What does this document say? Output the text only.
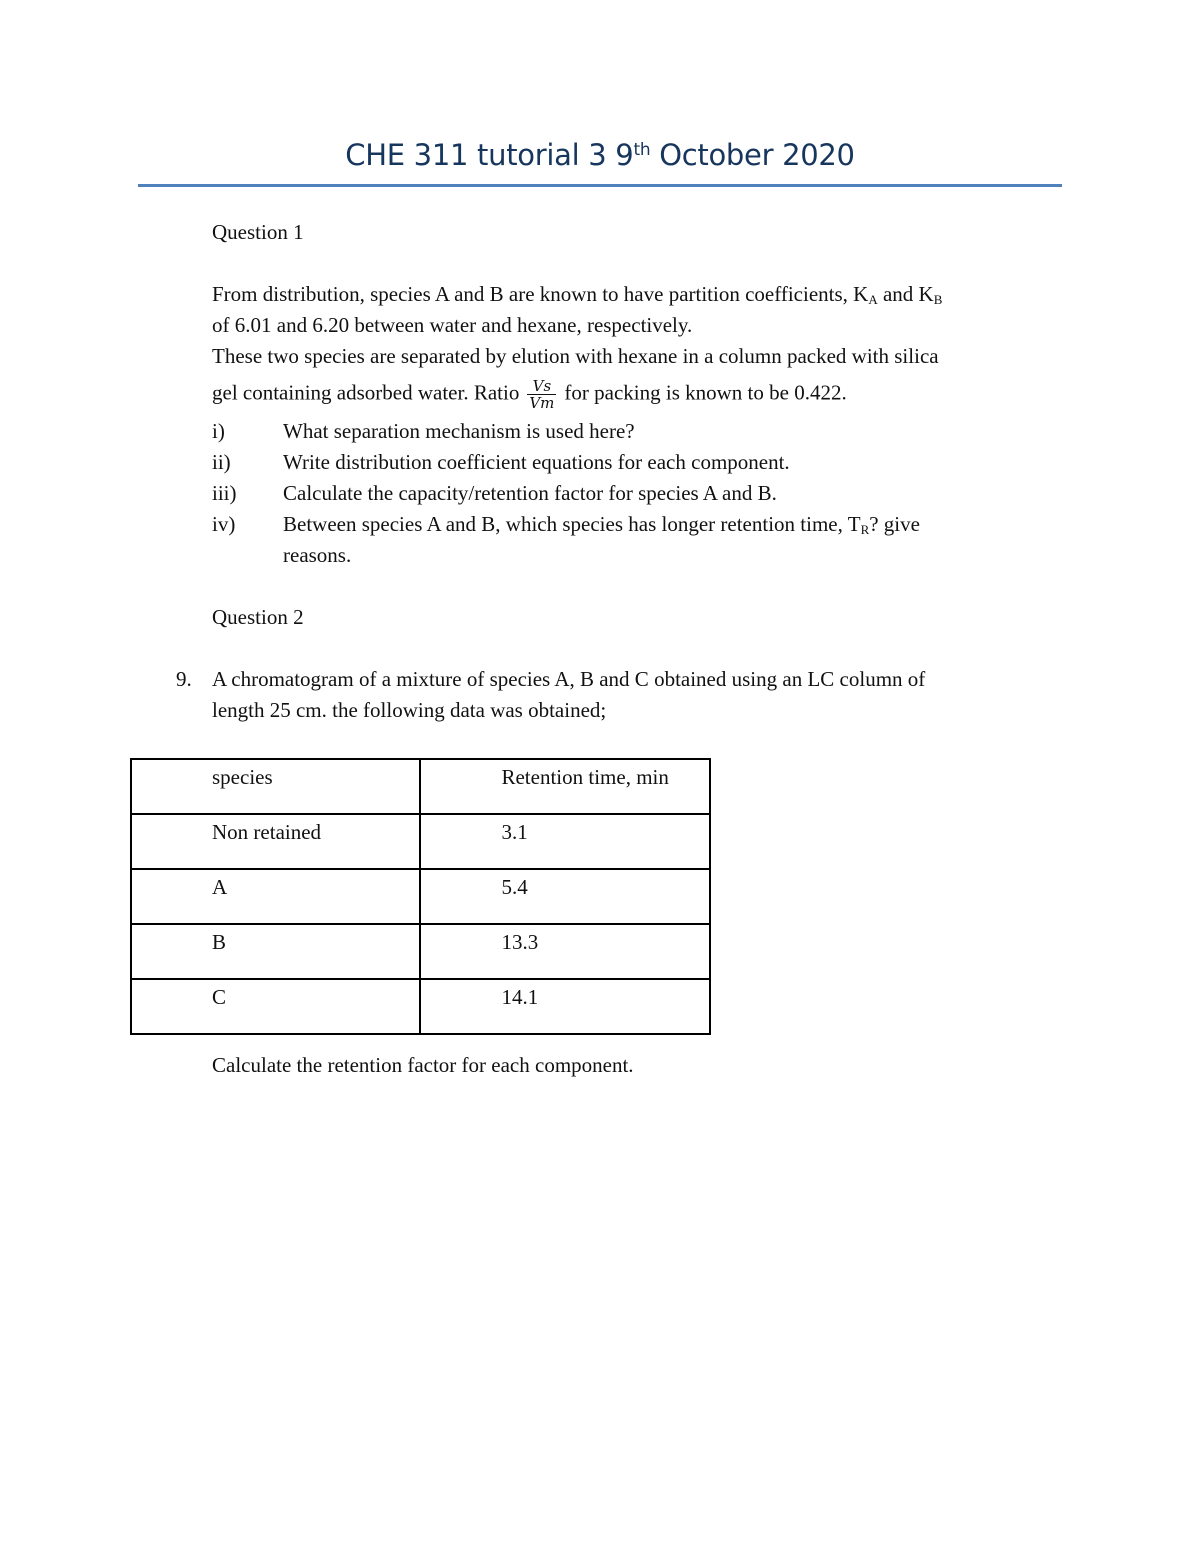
CHE 311 tutorial 3 9th October 2020
Question 1
From distribution, species A and B are known to have partition coefficients, $K_A$ and $K_B$
of 6.01 and 6.20 between water and hexane, respectively.
These two species are separated by elution with hexane in a column packed with silica
gel containing adsorbed water. Ratio $\frac{Vs}{Vm}$ for packing is known to be 0.422.
i)	What separation mechanism is used here?
ii) Write distribution coefficient equations for each component.
iii) Calculate the capacity/retention factor for species A and B.
iv) Between species A and B, which species has longer retention time, $T_R$? give
reasons.
Question 2
9. A chromatogram of a mixture of species A, B and C obtained using an LC column of
length 25 cm. the following data was obtained;
species	Retention time, min
Non retained	3.1
A	5.4
B	13.3
C	14.1
Calculate the retention factor for each component.
